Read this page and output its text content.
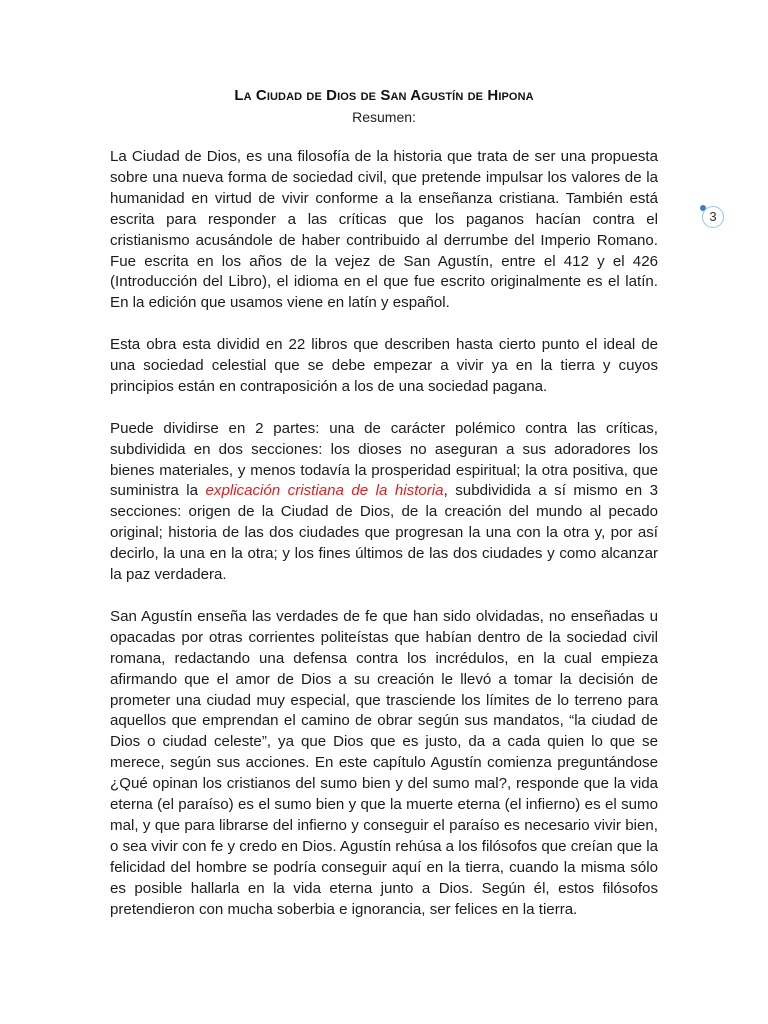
La Ciudad de Dios de San Agustín de Hipona
Resumen:
3

La Ciudad de Dios, es una filosofía de la historia que trata de ser una propuesta sobre una nueva forma de sociedad civil, que pretende impulsar los valores de la humanidad en virtud de vivir conforme a la enseñanza cristiana. También está escrita para responder a las críticas que los paganos hacían contra el cristianismo acusándole de haber contribuido al derrumbe del Imperio Romano. Fue escrita en los años de la vejez de San Agustín, entre el 412 y el 426 (Introducción del Libro), el idioma en el que fue escrito originalmente es el latín. En la edición que usamos viene en latín y español.

Esta obra esta dividid en 22 libros que describen hasta cierto punto el ideal de una sociedad celestial que se debe empezar a vivir ya en la tierra y cuyos principios están en contraposición a los de una sociedad pagana.

Puede dividirse en 2 partes: una de carácter polémico contra las críticas, subdividida en dos secciones: los dioses no aseguran a sus adoradores los bienes materiales, y menos todavía la prosperidad espiritual; la otra positiva, que suministra la explicación cristiana de la historia, subdividida a sí mismo en 3 secciones: origen de la Ciudad de Dios, de la creación del mundo al pecado original; historia de las dos ciudades que progresan la una con la otra y, por así decirlo, la una en la otra; y los fines últimos de las dos ciudades y como alcanzar la paz verdadera.

San Agustín enseña las verdades de fe que han sido olvidadas, no enseñadas u opacadas por otras corrientes politeístas que habían dentro de la sociedad civil romana, redactando una defensa contra los incrédulos, en la cual empieza afirmando que el amor de Dios a su creación le llevó a tomar la decisión de prometer una ciudad muy especial, que trasciende los límites de lo terreno para aquellos que emprendan el camino de obrar según sus mandatos, “la ciudad de Dios o ciudad celeste”, ya que Dios que es justo, da a cada quien lo que se merece, según sus acciones. En este capítulo Agustín comienza preguntándose ¿Qué opinan los cristianos del sumo bien y del sumo mal?, responde que la vida eterna (el paraíso) es el sumo bien y que la muerte eterna (el infierno) es el sumo mal, y que para librarse del infierno y conseguir el paraíso es necesario vivir bien, o sea vivir con fe y credo en Dios. Agustín rehúsa a los filósofos que creían que la felicidad del hombre se podría conseguir aquí en la tierra, cuando la misma sólo es posible hallarla en la vida eterna junto a Dios. Según él, estos filósofos pretendieron con mucha soberbia e ignorancia, ser felices en la tierra.
